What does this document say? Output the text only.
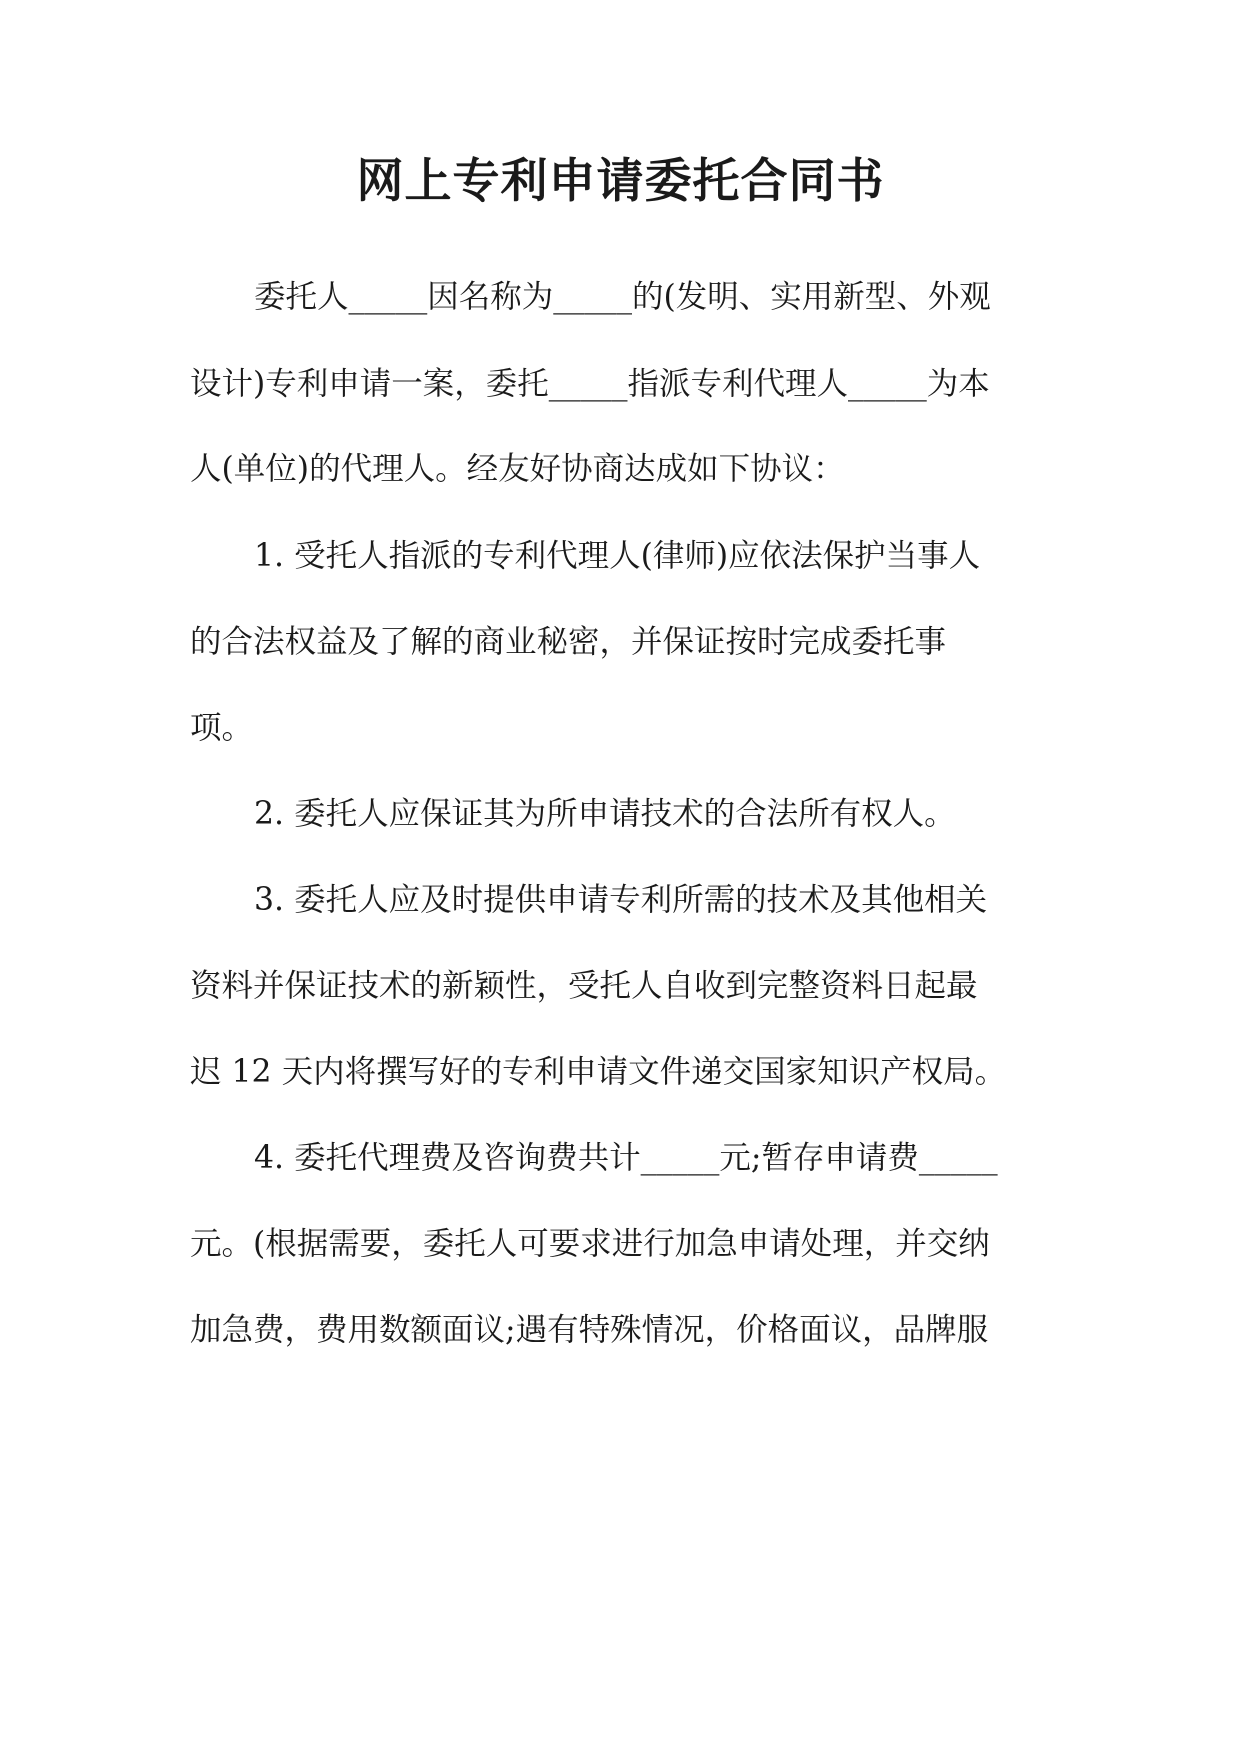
网上专利申请委托合同书

委托人_____因名称为_____的(发明、实用新型、外观

设计)专利申请一案，委托_____指派专利代理人_____为本

人(单位)的代理人。经友好协商达成如下协议：

1. 受托人指派的专利代理人(律师)应依法保护当事人

的合法权益及了解的商业秘密，并保证按时完成委托事

项。

2. 委托人应保证其为所申请技术的合法所有权人。

3. 委托人应及时提供申请专利所需的技术及其他相关

资料并保证技术的新颖性，受托人自收到完整资料日起最

迟 12 天内将撰写好的专利申请文件递交国家知识产权局。

4. 委托代理费及咨询费共计_____元;暂存申请费_____

元。(根据需要，委托人可要求进行加急申请处理，并交纳

加急费，费用数额面议;遇有特殊情况，价格面议，品牌服
